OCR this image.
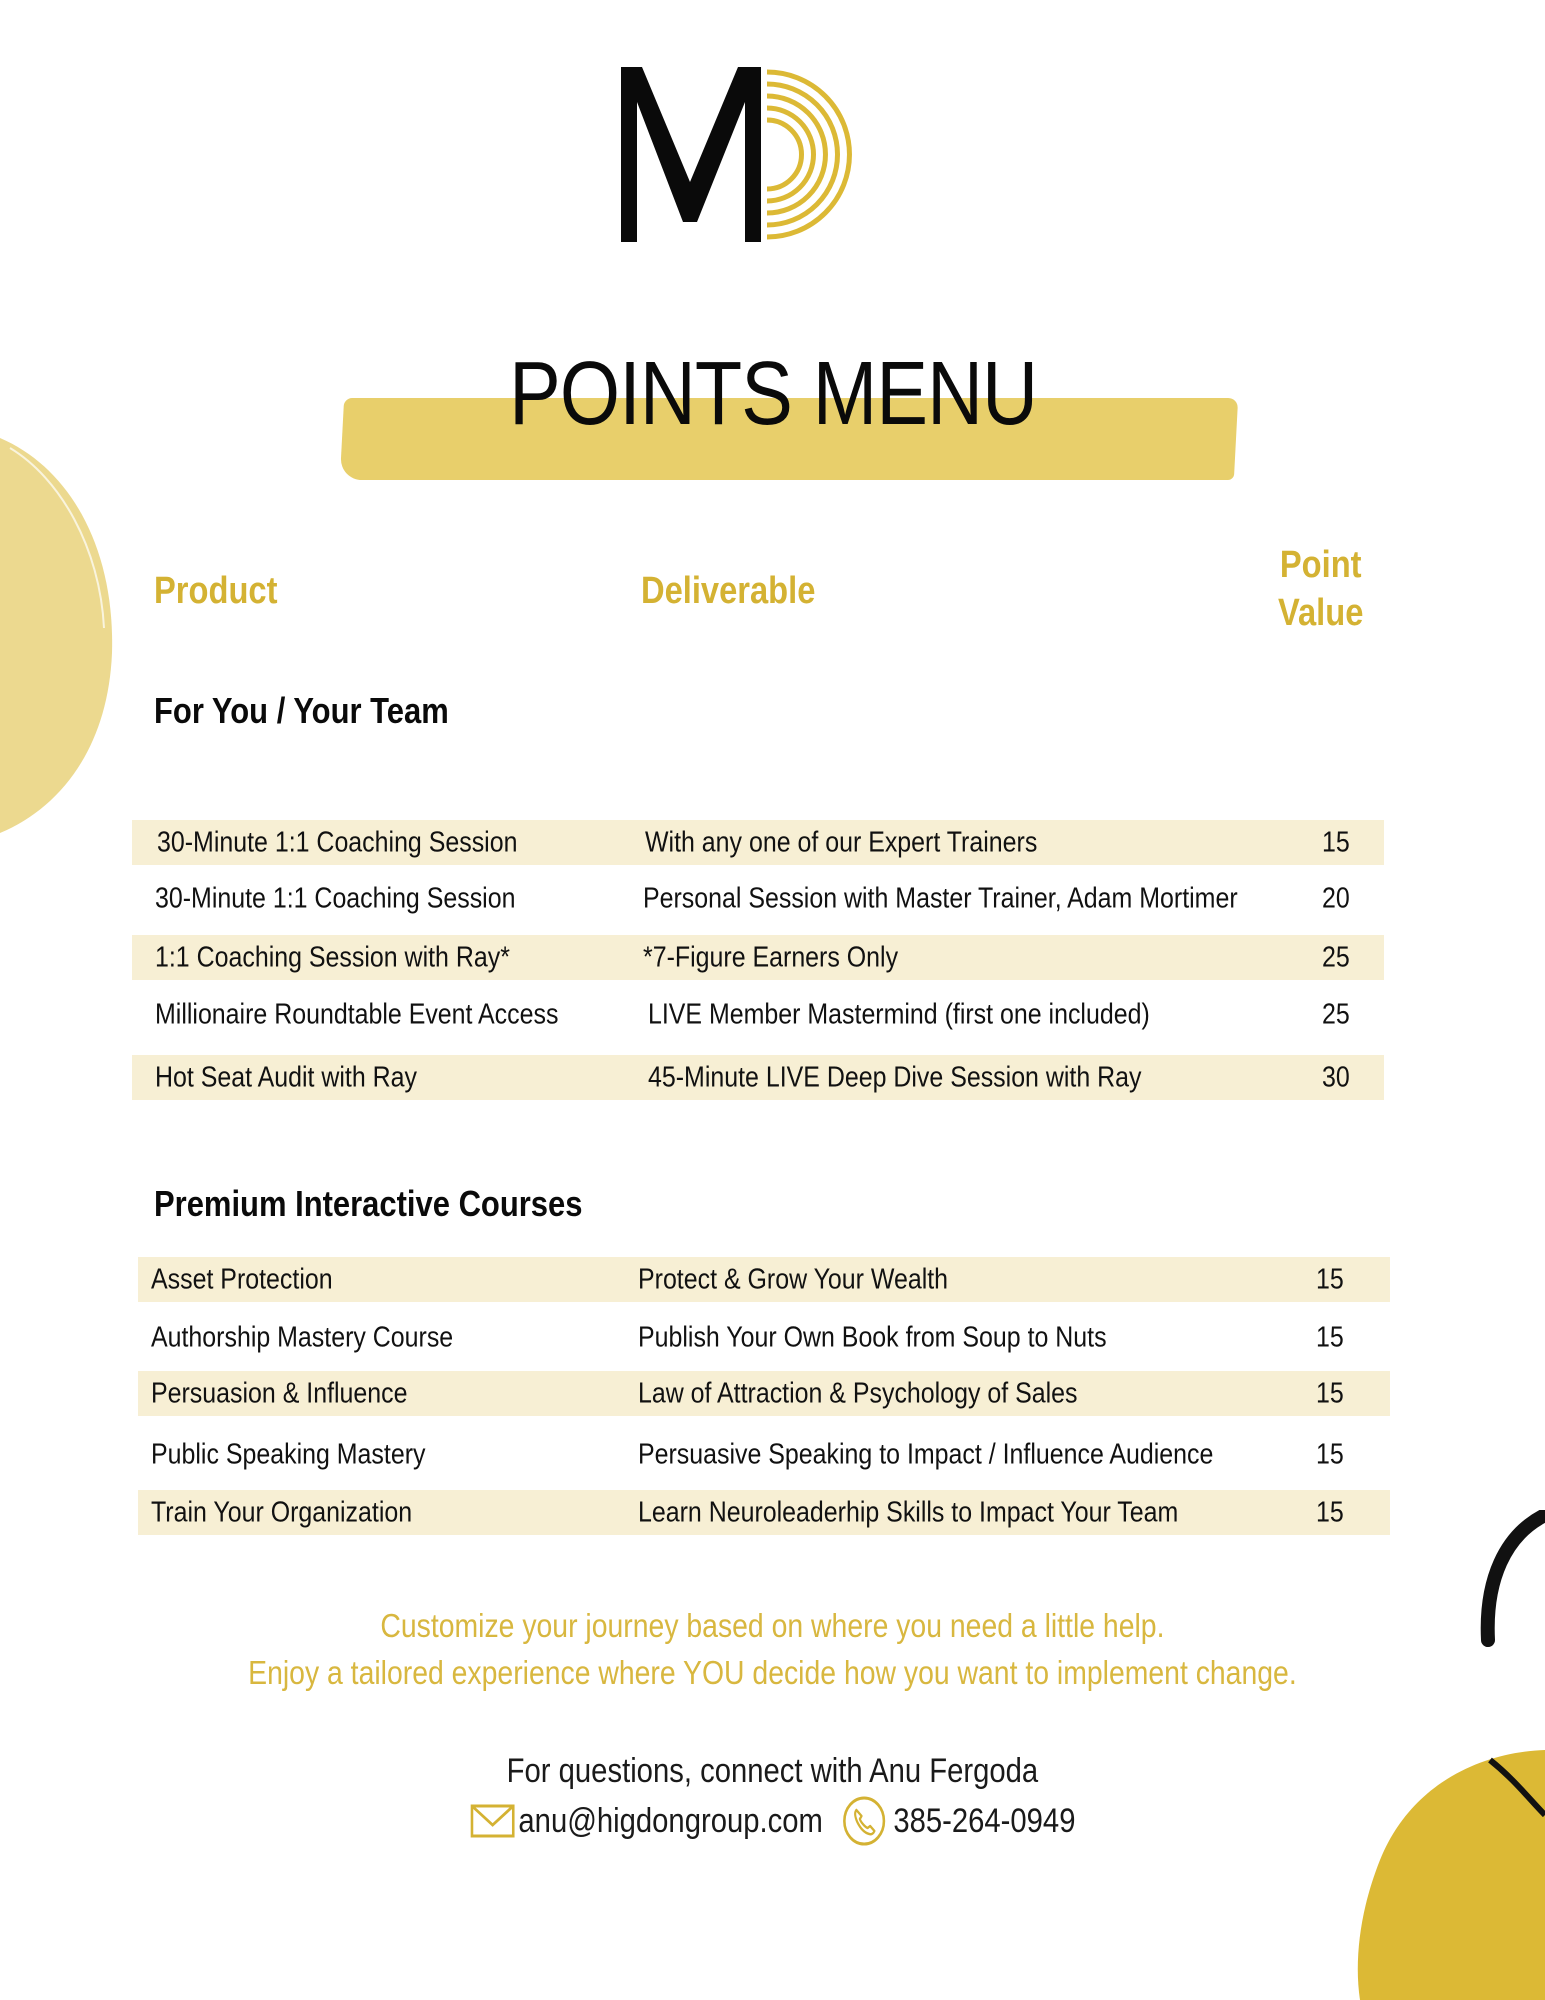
POINTS MENU
Product	Deliverable
Point
Value
For You / Your Team
30-Minute 1:1 Coaching Session	With any one of our Expert Trainers	15
30-Minute 1:1 Coaching Session	Personal Session with Master Trainer, Adam Mortimer	20
1:1 Coaching Session with Ray*	*7-Figure Earners Only	25
Millionaire Roundtable Event Access	LIVE Member Mastermind (first one included)	25
Hot Seat Audit with Ray	45-Minute LIVE Deep Dive Session with Ray	30
Premium Interactive Courses
Asset Protection	Protect & Grow Your Wealth	15
Authorship Mastery Course	Publish Your Own Book from Soup to Nuts	15
Persuasion & Influence	Law of Attraction & Psychology of Sales	15
Public Speaking Mastery	Persuasive Speaking to Impact / Influence Audience	15
Train Your Organization	Learn Neuroleaderhip Skills to Impact Your Team	15
Customize your journey based on where you need a little help.
Enjoy a tailored experience where YOU decide how you want to implement change.
For questions, connect with Anu Fergoda
anu@higdongroup.com 385-264-0949
